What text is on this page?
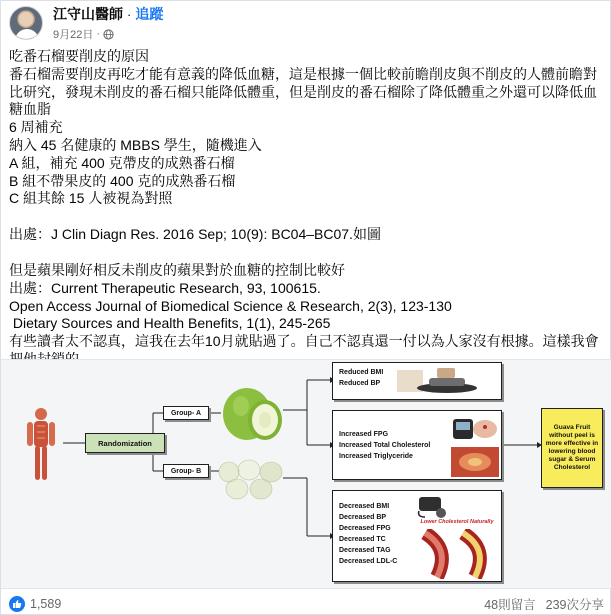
江守山醫師 · 追蹤
9月22日 ·

吃番石榴要削皮的原因

番石榴需要削皮再吃才能有意義的降低血糖，這是根據一個比較前瞻削皮與不削皮的人體前瞻對比研究，發現未削皮的番石榴只能降低體重，但是削皮的番石榴除了降低體重之外還可以降低血糖血脂

6 周補充

納入 45 名健康的 MBBS 學生，隨機進入

A 組，補充 400 克帶皮的成熟番石榴

B 組不帶果皮的 400 克的成熟番石榴

C 組其餘 15 人被視為對照

出處：J Clin Diagn Res. 2016 Sep; 10(9): BC04–BC07.如圖

但是蘋果剛好相反未削皮的蘋果對於血糖的控制比較好

出處：Current Therapeutic Research, 93, 100615.

Open Access Journal of Biomedical Science & Research, 2(3), 123-130

Dietary Sources and Health Benefits, 1(1), 245-265

有些讀者太不認真，這我在去年10月就貼過了。自己不認真還一付以為人家沒有根據。這樣我會

Randomization
Group- A
Group- B
Reduced BMI
Reduced BP
Increased FPG
Increased Total Cholesterol
Increased Triglyceride
Decreased BMI
Decreased BP
Decreased FPG
Decreased TC
Decreased TAG
Decreased LDL-C
Lower Cholesterol Naturally
Guava Fruit without peel is more effective in lowering blood sugar & Serum Cholesterol
1,589	48則留言 239次分享
